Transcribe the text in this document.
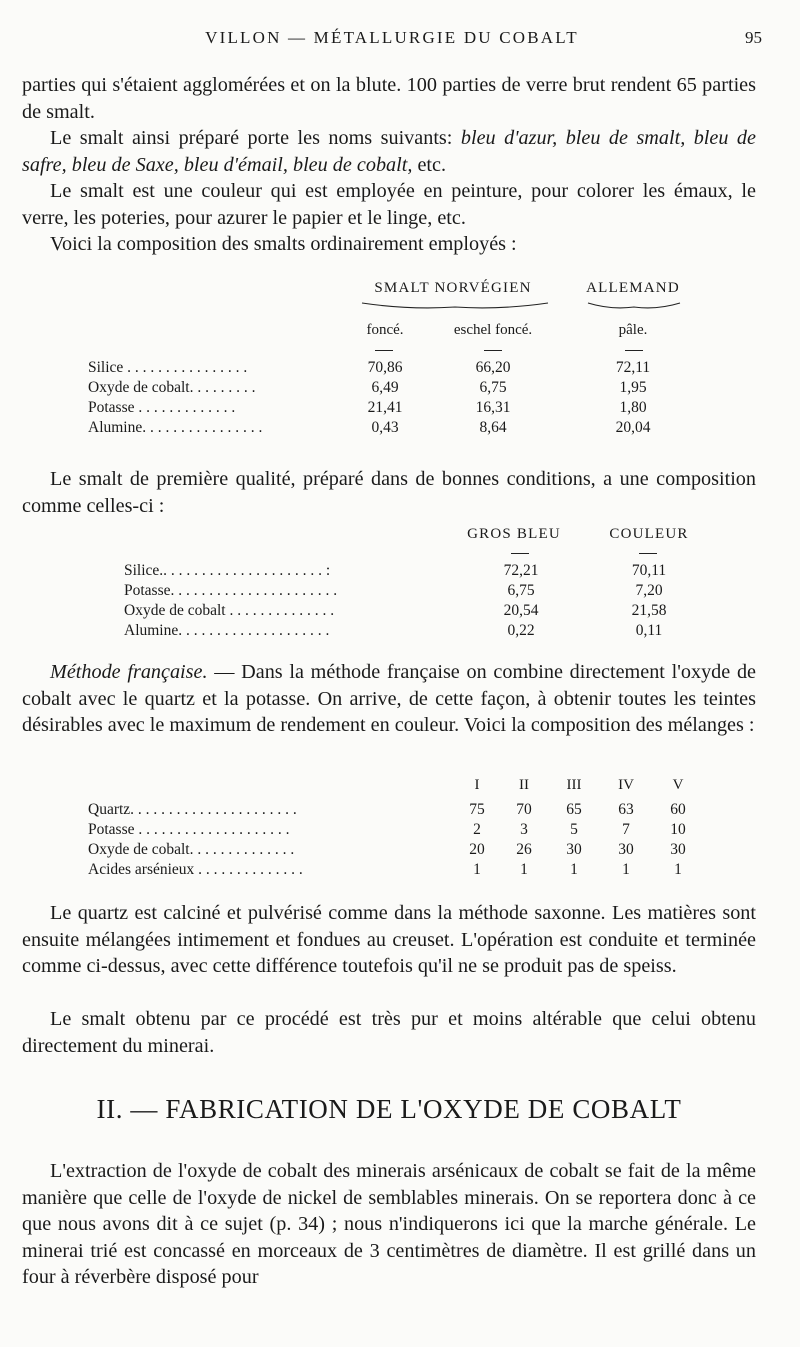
VILLON — MÉTALLURGIE DU COBALT	95

parties qui s'étaient agglomérées et on la blute. 100 parties de verre brut rendent 65 parties de smalt.

Le smalt ainsi préparé porte les noms suivants: bleu d'azur, bleu de smalt, bleu de safre, bleu de Saxe, bleu d'émail, bleu de cobalt, etc.

Le smalt est une couleur qui est employée en peinture, pour colorer les émaux, le verre, les poteries, pour azurer le papier et le linge, etc.

Voici la composition des smalts ordinairement employés :

SMALT NORVÉGIEN	ALLEMAND
foncé.	eschel foncé.	pâle.
Silice . . . . . . . . . . . . . . . .	70,86	66,20	72,11
Oxyde de cobalt. . . . . . . . .	6,49	6,75	1,95
Potasse . . . . . . . . . . . . .	21,41	16,31	1,80
Alumine. . . . . . . . . . . . . . . .	0,43	8,64	20,04

Le smalt de première qualité, préparé dans de bonnes conditions, a une composition comme celles-ci :

GROS BLEU	COULEUR
Silice.. . . . . . . . . . . . . . . . . . . . . :	72,21	70,11
Potasse. . . . . . . . . . . . . . . . . . . . . .	6,75	7,20
Oxyde de cobalt . . . . . . . . . . . . . .	20,54	21,58
Alumine. . . . . . . . . . . . . . . . . . . .	0,22	0,11

Méthode française. — Dans la méthode française on combine directement l'oxyde de cobalt avec le quartz et la potasse. On arrive, de cette façon, à obtenir toutes les teintes désirables avec le maximum de rendement en couleur. Voici la composition des mélanges :

I	II	III	IV	V
Quartz. . . . . . . . . . . . . . . . . . . . . .	75	70	65	63	60
Potasse . . . . . . . . . . . . . . . . . . . .	2	3	5	7	10
Oxyde de cobalt. . . . . . . . . . . . . .	20	26	30	30	30
Acides arsénieux . . . . . . . . . . . . . .	1	1	1	1	1

Le quartz est calciné et pulvérisé comme dans la méthode saxonne. Les matières sont ensuite mélangées intimement et fondues au creuset. L'opération est conduite et terminée comme ci-dessus, avec cette différence toutefois qu'il ne se produit pas de speiss.

Le smalt obtenu par ce procédé est très pur et moins altérable que celui obtenu directement du minerai.

II. — FABRICATION DE L'OXYDE DE COBALT

L'extraction de l'oxyde de cobalt des minerais arsénicaux de cobalt se fait de la même manière que celle de l'oxyde de nickel de semblables minerais. On se reportera donc à ce que nous avons dit à ce sujet (p. 34) ; nous n'indiquerons ici que la marche générale. Le minerai trié est concassé en morceaux de 3 centimètres de diamètre. Il est grillé dans un four à réverbère disposé pour
